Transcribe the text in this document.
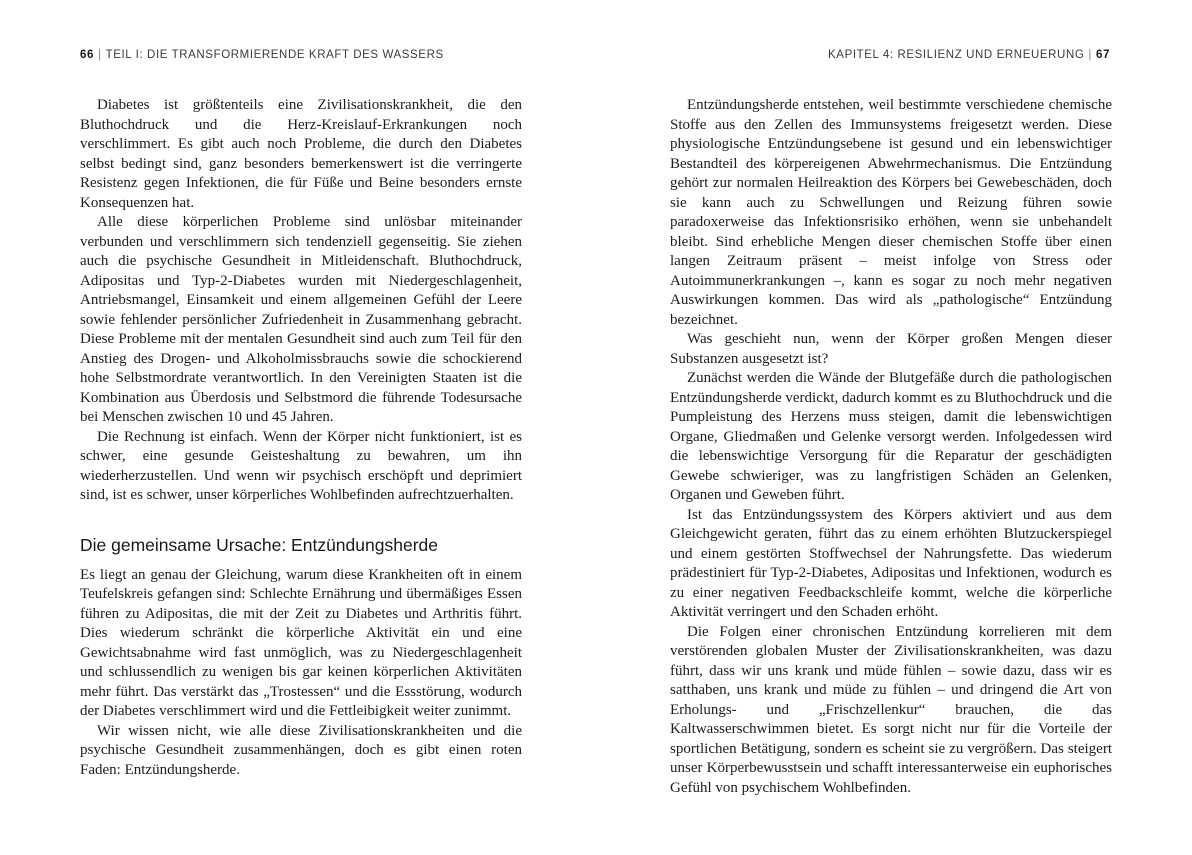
66 | TEIL I: DIE TRANSFORMIERENDE KRAFT DES WASSERS

Diabetes ist größtenteils eine Zivilisationskrankheit, die den Bluthochdruck und die Herz-Kreislauf-Erkrankungen noch verschlimmert. Es gibt auch noch Probleme, die durch den Diabetes selbst bedingt sind, ganz besonders bemerkenswert ist die verringerte Resistenz gegen Infektionen, die für Füße und Beine besonders ernste Konsequenzen hat.

Alle diese körperlichen Probleme sind unlösbar miteinander verbunden und verschlimmern sich tendenziell gegenseitig. Sie ziehen auch die psychische Gesundheit in Mitleidenschaft. Bluthochdruck, Adipositas und Typ-2-Diabetes wurden mit Niedergeschlagenheit, Antriebsmangel, Einsamkeit und einem allgemeinen Gefühl der Leere sowie fehlender persönlicher Zufriedenheit in Zusammenhang gebracht. Diese Probleme mit der mentalen Gesundheit sind auch zum Teil für den Anstieg des Drogen- und Alkoholmissbrauchs sowie die schockierend hohe Selbstmordrate verantwortlich. In den Vereinigten Staaten ist die Kombination aus Überdosis und Selbstmord die führende Todesursache bei Menschen zwischen 10 und 45 Jahren.

Die Rechnung ist einfach. Wenn der Körper nicht funktioniert, ist es schwer, eine gesunde Geisteshaltung zu bewahren, um ihn wiederherzustellen. Und wenn wir psychisch erschöpft und deprimiert sind, ist es schwer, unser körperliches Wohlbefinden aufrechtzuerhalten.

Die gemeinsame Ursache: Entzündungsherde

Es liegt an genau der Gleichung, warum diese Krankheiten oft in einem Teufelskreis gefangen sind: Schlechte Ernährung und übermäßiges Essen führen zu Adipositas, die mit der Zeit zu Diabetes und Arthritis führt. Dies wiederum schränkt die körperliche Aktivität ein und eine Gewichtsabnahme wird fast unmöglich, was zu Niedergeschlagenheit und schlussendlich zu wenigen bis gar keinen körperlichen Aktivitäten mehr führt. Das verstärkt das „Trostessen“ und die Essstörung, wodurch der Diabetes verschlimmert wird und die Fettleibigkeit weiter zunimmt.

Wir wissen nicht, wie alle diese Zivilisationskrankheiten und die psychische Gesundheit zusammenhängen, doch es gibt einen roten Faden: Entzündungsherde.

KAPITEL 4: RESILIENZ UND ERNEUERUNG | 67

Entzündungsherde entstehen, weil bestimmte verschiedene chemische Stoffe aus den Zellen des Immunsystems freigesetzt werden. Diese physiologische Entzündungsebene ist gesund und ein lebenswichtiger Bestandteil des körpereigenen Abwehrmechanismus. Die Entzündung gehört zur normalen Heilreaktion des Körpers bei Gewebeschäden, doch sie kann auch zu Schwellungen und Reizung führen sowie paradoxerweise das Infektionsrisiko erhöhen, wenn sie unbehandelt bleibt. Sind erhebliche Mengen dieser chemischen Stoffe über einen langen Zeitraum präsent – meist infolge von Stress oder Autoimmunerkrankungen –, kann es sogar zu noch mehr negativen Auswirkungen kommen. Das wird als „pathologische“ Entzündung bezeichnet.

Was geschieht nun, wenn der Körper großen Mengen dieser Substanzen ausgesetzt ist?

Zunächst werden die Wände der Blutgefäße durch die pathologischen Entzündungsherde verdickt, dadurch kommt es zu Bluthochdruck und die Pumpleistung des Herzens muss steigen, damit die lebenswichtigen Organe, Gliedmaßen und Gelenke versorgt werden. Infolgedessen wird die lebenswichtige Versorgung für die Reparatur der geschädigten Gewebe schwieriger, was zu langfristigen Schäden an Gelenken, Organen und Geweben führt.

Ist das Entzündungssystem des Körpers aktiviert und aus dem Gleichgewicht geraten, führt das zu einem erhöhten Blutzuckerspiegel und einem gestörten Stoffwechsel der Nahrungsfette. Das wiederum prädestiniert für Typ-2-Diabetes, Adipositas und Infektionen, wodurch es zu einer negativen Feedbackschleife kommt, welche die körperliche Aktivität verringert und den Schaden erhöht.

Die Folgen einer chronischen Entzündung korrelieren mit dem verstörenden globalen Muster der Zivilisationskrankheiten, was dazu führt, dass wir uns krank und müde fühlen – sowie dazu, dass wir es satthaben, uns krank und müde zu fühlen – und dringend die Art von Erholungs- und „Frischzellenkur“ brauchen, die das Kaltwasserschwimmen bietet. Es sorgt nicht nur für die Vorteile der sportlichen Betätigung, sondern es scheint sie zu vergrößern. Das steigert unser Körperbewusstsein und schafft interessanterweise ein euphorisches Gefühl von psychischem Wohlbefinden.
